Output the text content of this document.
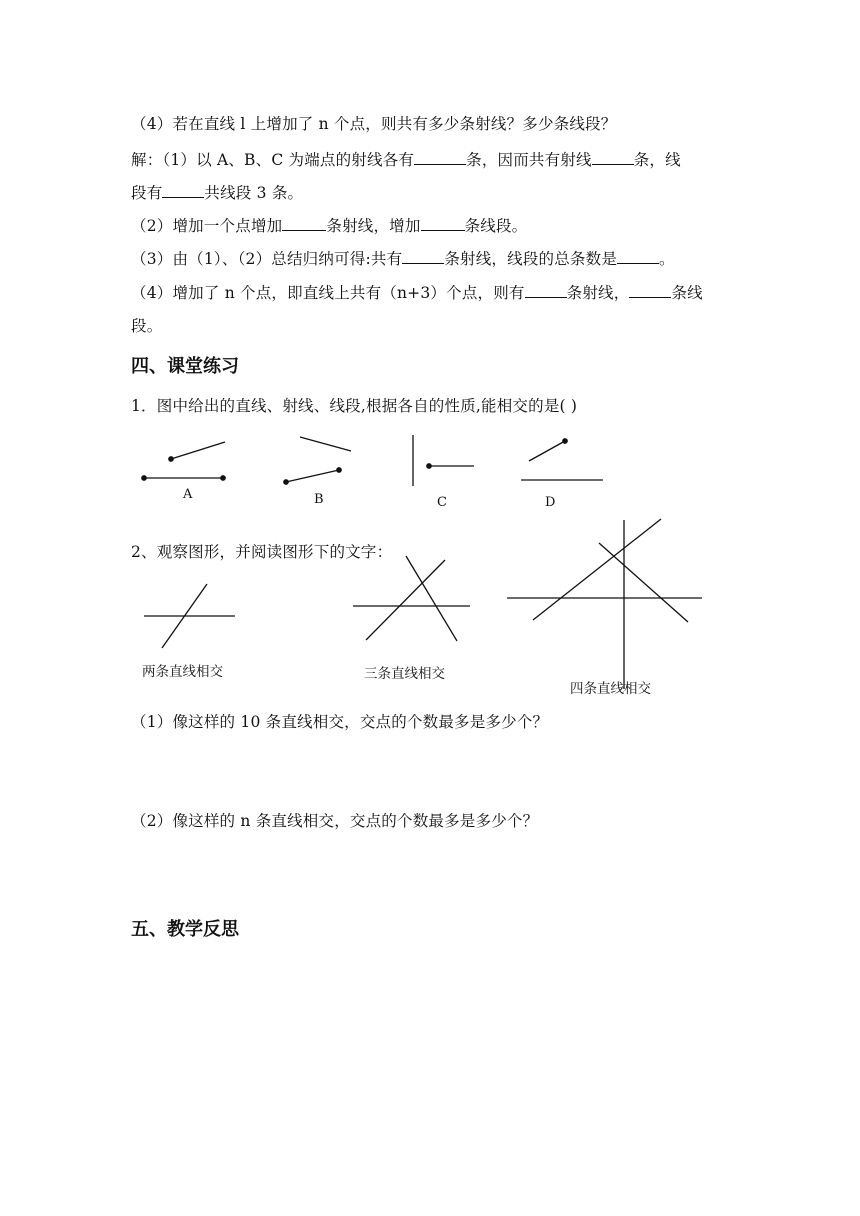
（4）若在直线 l 上增加了 n 个点，则共有多少条射线？多少条线段？
解：（1）以 A、B、C 为端点的射线各有	条，因而共有射线	条，线
段有	共线段 3 条。
（2）增加一个点增加	条射线，增加	条线段。
（3）由（1）、（2）总结归纳可得:共有	条射线，线段的总条数是	。
（4）增加了 n 个点，即直线上共有（n+3）个点，则有	条射线，	条线
段。
四、课堂练习
1．图中给出的直线、射线、线段,根据各自的性质,能相交的是( )
A	B	C	D
2、观察图形，并阅读图形下的文字：
两条直线相交	三条直线相交
四条直线相交
（1）像这样的 10 条直线相交，交点的个数最多是多少个？
（2）像这样的 n 条直线相交，交点的个数最多是多少个？
五、教学反思
